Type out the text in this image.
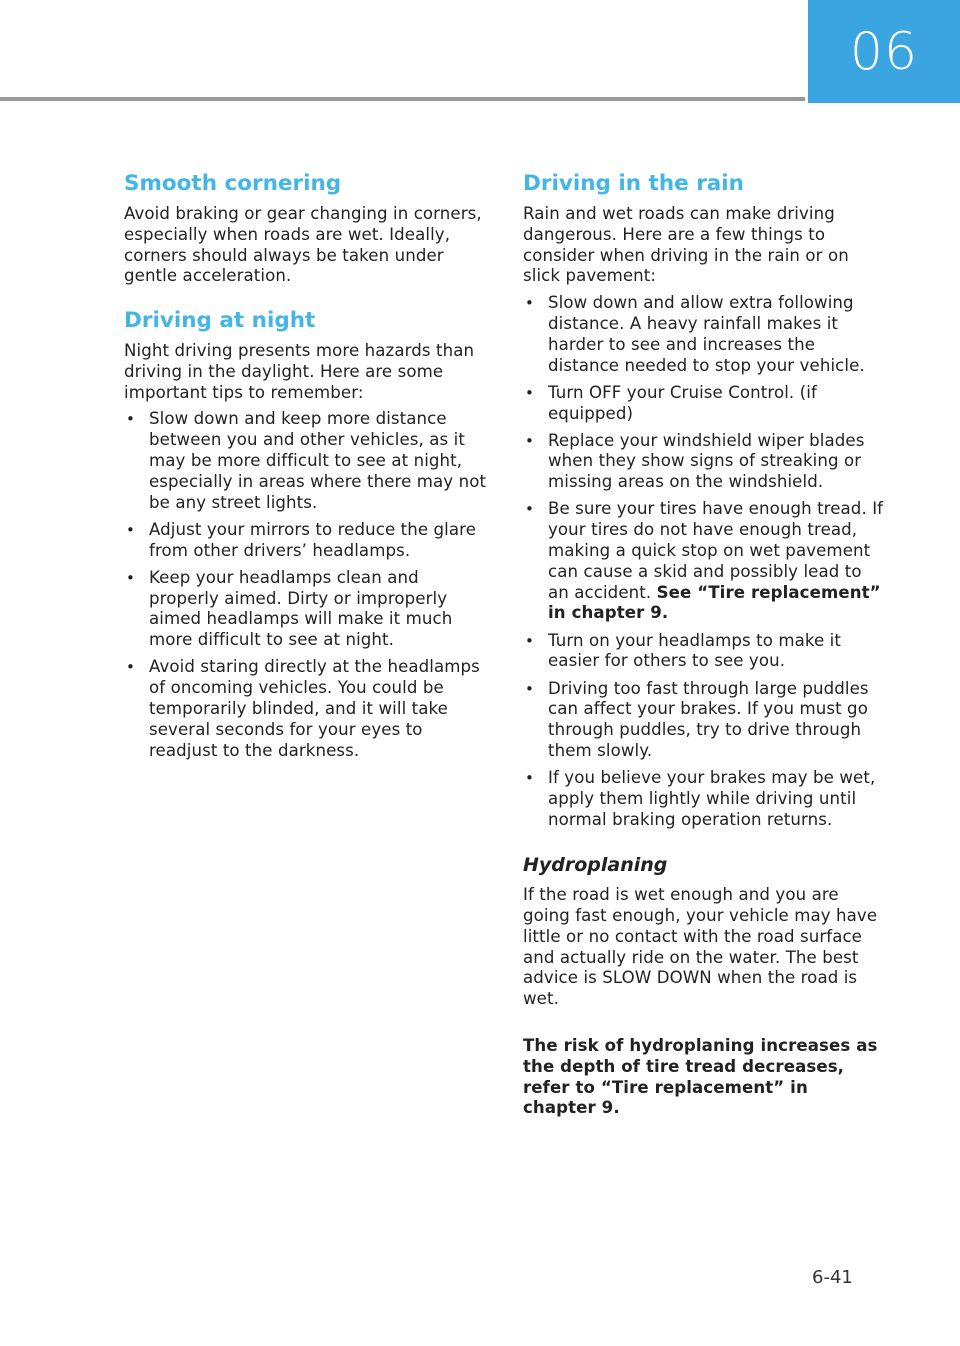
06
Smooth cornering

Avoid braking or gear changing in corners, especially when roads are wet. Ideally, corners should always be taken under gentle acceleration.

Driving at night

Night driving presents more hazards than driving in the daylight. Here are some important tips to remember:

• Slow down and keep more distance between you and other vehicles, as it may be more difficult to see at night, especially in areas where there may not be any street lights.
• Adjust your mirrors to reduce the glare from other drivers’ headlamps.
• Keep your headlamps clean and properly aimed. Dirty or improperly aimed headlamps will make it much more difficult to see at night.
• Avoid staring directly at the headlamps of oncoming vehicles. You could be temporarily blinded, and it will take several seconds for your eyes to readjust to the darkness.
Driving in the rain

Rain and wet roads can make driving dangerous. Here are a few things to consider when driving in the rain or on slick pavement:

• Slow down and allow extra following distance. A heavy rainfall makes it harder to see and increases the distance needed to stop your vehicle.
• Turn OFF your Cruise Control. (if equipped)
• Replace your windshield wiper blades when they show signs of streaking or missing areas on the windshield.
• Be sure your tires have enough tread. If your tires do not have enough tread, making a quick stop on wet pavement can cause a skid and possibly lead to an accident. See “Tire replacement” in chapter 9.
• Turn on your headlamps to make it easier for others to see you.
• Driving too fast through large puddles can affect your brakes. If you must go through puddles, try to drive through them slowly.
• If you believe your brakes may be wet, apply them lightly while driving until normal braking operation returns.
Hydroplaning

If the road is wet enough and you are going fast enough, your vehicle may have little or no contact with the road surface and actually ride on the water. The best advice is SLOW DOWN when the road is wet.

The risk of hydroplaning increases as the depth of tire tread decreases, refer to “Tire replacement” in chapter 9.

6-41
